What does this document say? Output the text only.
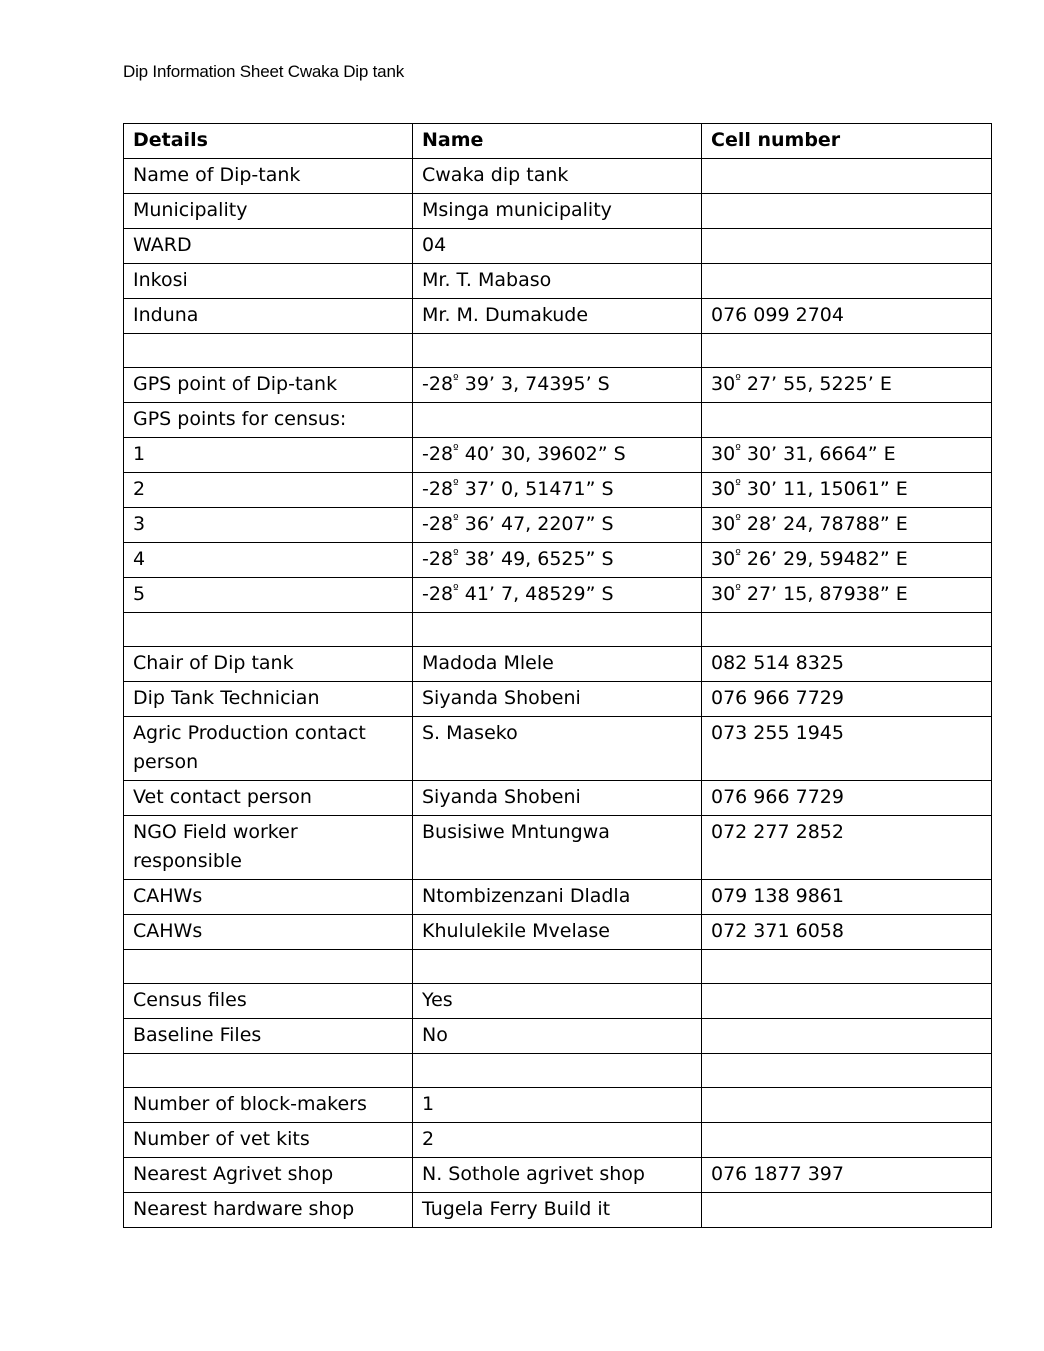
Dip Information Sheet Cwaka Dip tank
Details	Name	Cell number
Name of Dip-tank	Cwaka dip tank	
Municipality	Msinga municipality	
WARD	04	
Inkosi	Mr. T. Mabaso	
Induna	Mr. M. Dumakude	076 099 2704

GPS point of Dip-tank	$-28^º$ 39’ 3, 74395’ S	$30^º$ 27’ 55, 5225’ E
GPS points for census:		
1	$-28^º$ 40’ 30, 39602” S	$30^º$ 30’ 31, 6664” E
2	$-28^º$ 37’ 0, 51471” S	$30^º$ 30’ 11, 15061” E
3	$-28^º$ 36’ 47, 2207” S	$30^º$ 28’ 24, 78788” E
4	$-28^º$ 38’ 49, 6525” S	$30^º$ 26’ 29, 59482” E
5	$-28^º$ 41’ 7, 48529” S	$30^º$ 27’ 15, 87938” E

Chair of Dip tank	Madoda Mlele	082 514 8325
Dip Tank Technician	Siyanda Shobeni	076 966 7729
Agric Production contact person	S. Maseko	073 255 1945
Vet contact person	Siyanda Shobeni	076 966 7729
NGO Field worker responsible	Busisiwe Mntungwa	072 277 2852
CAHWs	Ntombizenzani Dladla	079 138 9861
CAHWs	Khululekile Mvelase	072 371 6058

Census files	Yes	
Baseline Files	No	

Number of block-makers	1	
Number of vet kits	2	
Nearest Agrivet shop	N. Sothole agrivet shop	076 1877 397
Nearest hardware shop	Tugela Ferry Build it	
